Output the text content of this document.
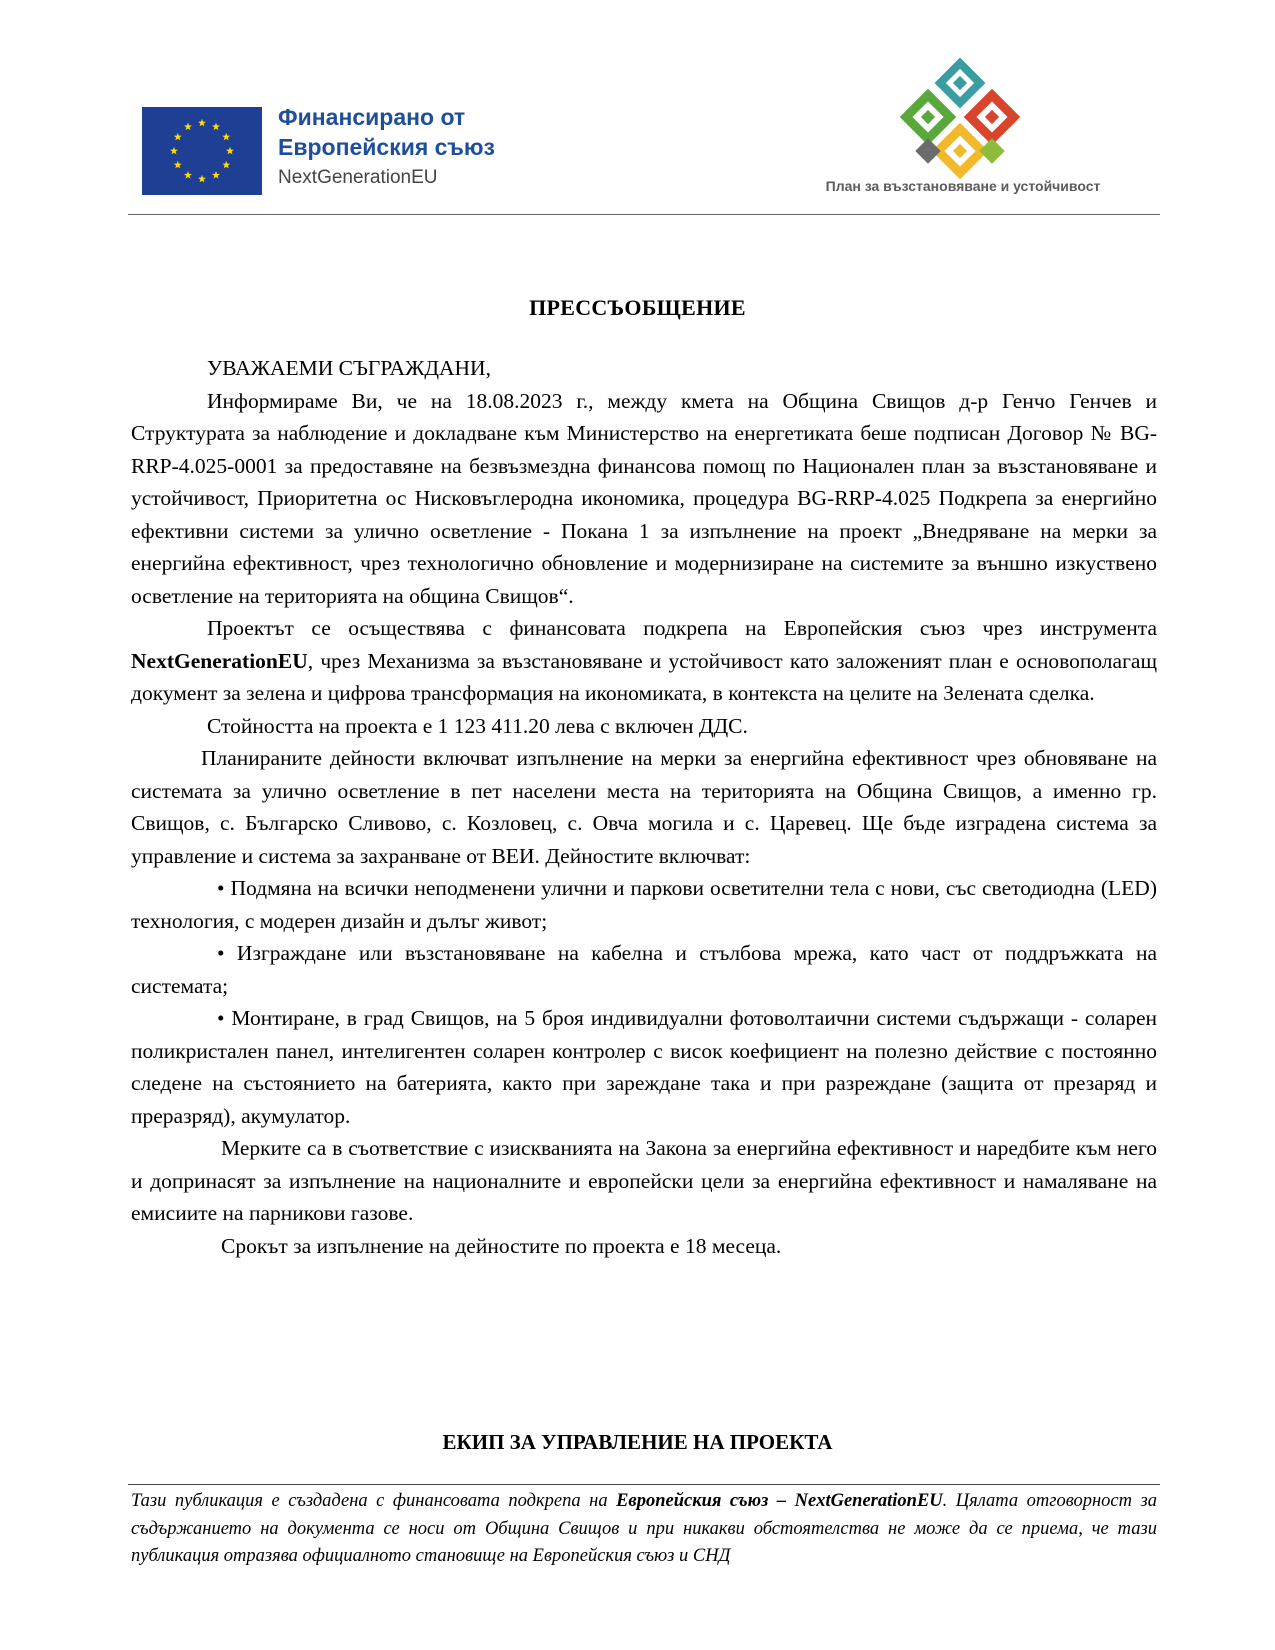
Финансирано от
Европейския съюз
NextGenerationEU	План за възстановяване и устойчивост
ПРЕССЪОБЩЕНИЕ

УВАЖАЕМИ СЪГРАЖДАНИ,

Информираме Ви, че на 18.08.2023 г., между кмета на Община Свищов д-р Генчо Генчев и Структурата за наблюдение и докладване към Министерство на енергетиката беше подписан Договор № BG-RRP-4.025-0001 за предоставяне на безвъзмездна финансова помощ по Национален план за възстановяване и устойчивост, Приоритетна ос Нисковъглеродна икономика, процедура BG-RRP-4.025 Подкрепа за енергийно ефективни системи за улично осветление - Покана 1 за изпълнение на проект „Внедряване на мерки за енергийна ефективност, чрез технологично обновление и модернизиране на системите за външно изкуствено осветление на територията на община Свищов“.

Проектът се осъществява с финансовата подкрепа на Европейския съюз чрез инструмента NextGenerationEU, чрез Механизма за възстановяване и устойчивост като заложеният план е основополагащ документ за зелена и цифрова трансформация на икономиката, в контекста на целите на Зелената сделка.

Стойността на проекта е 1 123 411.20 лева с включен ДДС.

Планираните дейности включват изпълнение на мерки за енергийна ефективност чрез обновяване на системата за улично осветление в пет населени места на територията на Община Свищов, а именно гр. Свищов, с. Българско Сливово, с. Козловец, с. Овча могила и с. Царевец. Ще бъде изградена система за управление и система за захранване от ВЕИ. Дейностите включват:

• Подмяна на всички неподменени улични и паркови осветителни тела с нови, със светодиодна (LED) технология, с модерен дизайн и дълъг живот;

• Изграждане или възстановяване на кабелна и стълбова мрежа, като част от поддръжката на системата;

• Монтиране, в град Свищов, на 5 броя индивидуални фотоволтаични системи съдържащи - соларен поликристален панел, интелигентен соларен контролер с висок коефициент на полезно действие с постоянно следене на състоянието на батерията, както при зареждане така и при разреждане (защита от презаряд и преразряд), акумулатор.

Мерките са в съответствие с изискванията на Закона за енергийна ефективност и наредбите към него и допринасят за изпълнение на националните и европейски цели за енергийна ефективност и намаляване на емисиите на парникови газове.

Срокът за изпълнение на дейностите по проекта е 18 месеца.

ЕКИП ЗА УПРАВЛЕНИЕ НА ПРОЕКТА
Тази публикация е създадена с финансовата подкрепа на Европейския съюз – NextGenerationEU. Цялата отговорност за съдържанието на документа се носи от Община Свищов и при никакви обстоятелства не може да се приема, че тази публикация отразява официалното становище на Европейския съюз и СНД
